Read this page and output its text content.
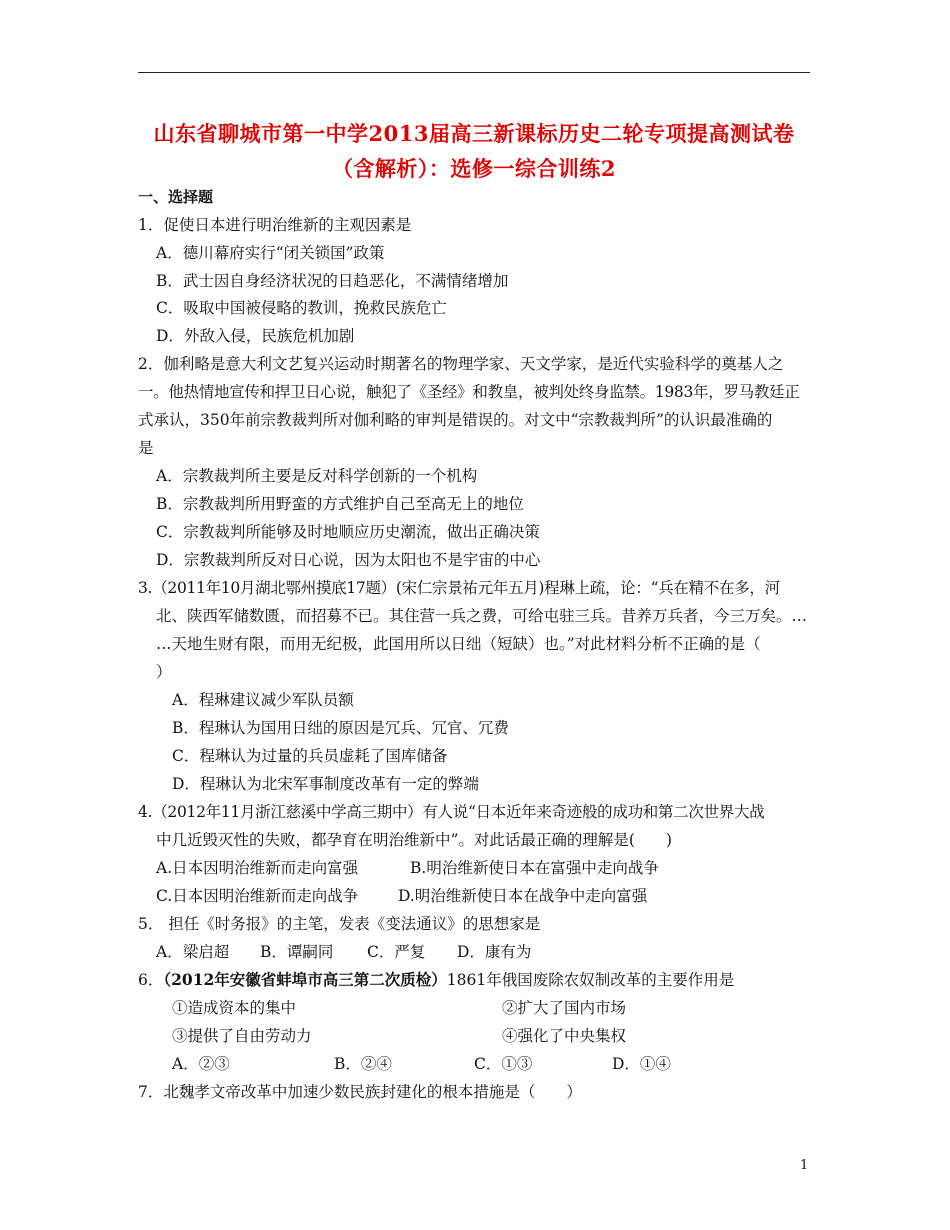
山东省聊城市第一中学2013届高三新课标历史二轮专项提高测试卷
（含解析）：选修一综合训练2
一、选择题
1．促使日本进行明治维新的主观因素是
A．德川幕府实行“闭关锁国”政策
B．武士因自身经济状况的日趋恶化，不满情绪增加
C．吸取中国被侵略的教训，挽救民族危亡
D．外敌入侵，民族危机加剧
2．伽利略是意大利文艺复兴运动时期著名的物理学家、天文学家，是近代实验科学的奠基人之
一。他热情地宣传和捍卫日心说，触犯了《圣经》和教皇，被判处终身监禁。1983年，罗马教廷正
式承认，350年前宗教裁判所对伽利略的审判是错误的。对文中“宗教裁判所”的认识最准确的
是
A．宗教裁判所主要是反对科学创新的一个机构
B．宗教裁判所用野蛮的方式维护自己至高无上的地位
C．宗教裁判所能够及时地顺应历史潮流，做出正确决策
D．宗教裁判所反对日心说，因为太阳也不是宇宙的中心
3.（2011年10月湖北鄂州摸底17题）(宋仁宗景祐元年五月)程琳上疏，论：“兵在精不在多，河
北、陕西军储数匮，而招募不已。其住营一兵之费，可给屯驻三兵。昔养万兵者，今三万矣。…
…天地生财有限，而用无纪极，此国用所以日绌（短缺）也。”对此材料分析不正确的是（
）
A．程琳建议减少军队员额
B．程琳认为国用日绌的原因是冗兵、冗官、冗费
C．程琳认为过量的兵员虚耗了国库储备
D．程琳认为北宋军事制度改革有一定的弊端
4.（2012年11月浙江慈溪中学高三期中）有人说“日本近年来奇迹般的成功和第二次世界大战
中几近毁灭性的失败，都孕育在明治维新中”。对此话最正确的理解是(　　)
A.日本因明治维新而走向富强	B.明治维新使日本在富强中走向战争
C.日本因明治维新而走向战争	D.明治维新使日本在战争中走向富强
5． 担任《时务报》的主笔，发表《变法通议》的思想家是
A．梁启超 B．谭嗣同 C．严复 D．康有为
6．（2012年安徽省蚌埠市高三第二次质检）1861年俄国废除农奴制改革的主要作用是
①造成资本的集中	②扩大了国内市场
③提供了自由劳动力	④强化了中央集权
A．②③	B．②④	C．①③	D．①④
7．北魏孝文帝改革中加速少数民族封建化的根本措施是（　　）
1
